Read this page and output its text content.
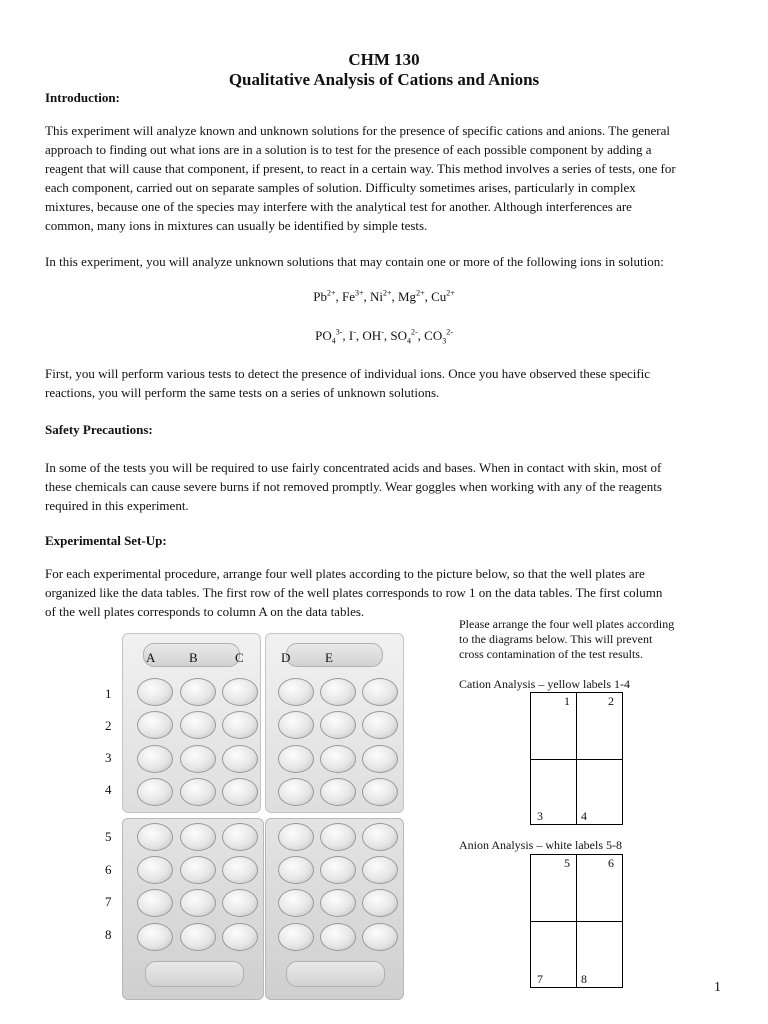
CHM 130
Qualitative Analysis of Cations and Anions
Introduction:
This experiment will analyze known and unknown solutions for the presence of specific cations and anions. The general
approach to finding out what ions are in a solution is to test for the presence of each possible component by adding a
reagent that will cause that component, if present, to react in a certain way. This method involves a series of tests, one for
each component, carried out on separate samples of solution. Difficulty sometimes arises, particularly in complex
mixtures, because one of the species may interfere with the analytical test for another. Although interferences are
common, many ions in mixtures can usually be identified by simple tests.
In this experiment, you will analyze unknown solutions that may contain one or more of the following ions in solution:
$Pb^{2+}$, $Fe^{3+}$, $Ni^{2+}$, $Mg^{2+}$, $Cu^{2+}$
$PO_4^{3-}$, I-, OH-, $SO_4^{2-}$, $CO_3^{2-}$
First, you will perform various tests to detect the presence of individual ions. Once you have observed these specific
reactions, you will perform the same tests on a series of unknown solutions.
Safety Precautions:
In some of the tests you will be required to use fairly concentrated acids and bases. When in contact with skin, most of
these chemicals can cause severe burns if not removed promptly. Wear goggles when working with any of the reagents
required in this experiment.
Experimental Set-Up:
For each experimental procedure, arrange four well plates according to the picture below, so that the well plates are
organized like the data tables. The first row of the well plates corresponds to row 1 on the data tables. The first column
of the well plates corresponds to column A on the data tables.
A	B	C	D	E
1
2
3
4
5
6
7
8
Please arrange the four well plates according
to the diagrams below. This will prevent
cross contamination of the test results.
Cation Analysis – yellow labels 1-4
1	2
3	4
Anion Analysis – white labels 5-8
5	6
7	8
1
